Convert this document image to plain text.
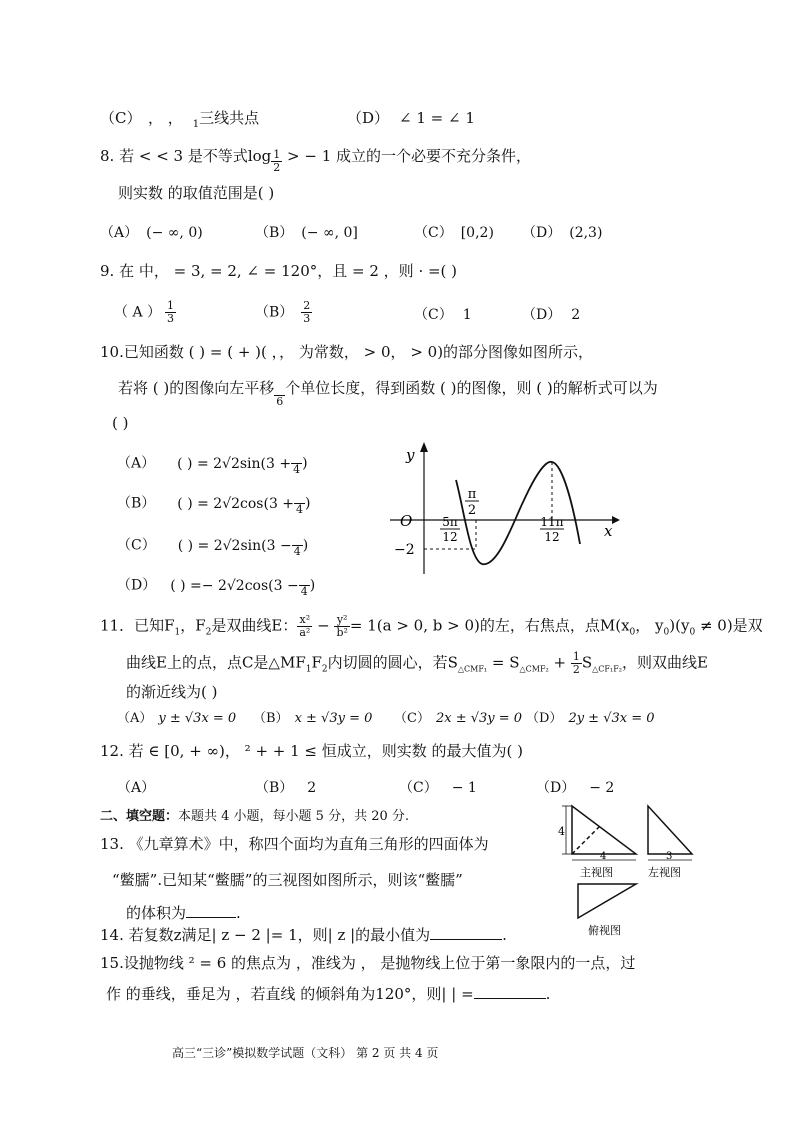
（C） ， ， $_1$三线共点	（D） ∠ 1 = ∠ 1
8. 若 < < 3 是不等式$\log \frac{1}{2}$ > − 1 成立的一个必要不充分条件，
则实数 的取值范围是( )
（A） (− ∞, 0)	（B） (− ∞, 0]	（C） [0,2) （D） (2,3)
9. 在 中， = 3, = 2, ∠ = 120°，且 = 2 ，则 · =( )
（ A ） $\frac{1}{3}$	$(B) \frac{2}{3}$	（C） 1	（D） 2
10.已知函数 ( ) = ( + )( ，， 为常数， > 0， > 0)的部分图像如图所示，
若将 ( )的图像向左平移

6
个单位长度，得到函数 ( )的图像，则 ( )的解析式可以为
( )
（A） ( ) = 2√2sin(3 +
4 )
（B） ( ) = 2√2cos(3 +
4 )
（C） ( ) = 2√2sin(3 −
4 )
（D） ( ) =− 2√2cos(3 −
4 )
y
x
O
π
2
5π
12
11π
12
−2
11．已知$F_1$，$F_2$是双曲线E： $\frac{\text{x²}}{\text{a²}} - \frac{\text{y²}}{\text{b²}} = 1(a > 0$, b > 0)的左，右焦点，点$M(x_0$， $y_0)(y_0 \ne 0)$是双
曲线E上的点，点C是$\triangle MF_1F_2$内切圆的圆心，若$S_{\triangle CMF_1} = S_{\triangle CMF_2} + \frac{1}{2} S_{\triangle CF_1F_2}$，则双曲线E
的渐近线为( )
（A） y ± √3x = 0 （B） x ± √3y = 0 （C） 2x ± √3y = 0 （D） 2y ± √3x = 0
12. 若 ∈ [0, + ∞)， ² + + 1 ≤ 恒成立，则实数 的最大值为( )
（A）	（B） 2	（C） − 1	（D） − 2
二、填空题：本题共 4 小题，每小题 5 分，共 20 分.
13. 《九章算术》中，称四个面均为直角三角形的四面体为
“鳖臑”.已知某“鳖臑”的三视图如图所示，则该“鳖臑”
的体积为	.
4
4
主视图
3
左视图
俯视图
14. 若复数z满足| z − 2 |= 1，则| z |的最小值为	.
15.设抛物线 ² = 6 的焦点为 ，准线为 ， 是抛物线上位于第一象限内的一点，过
作 的垂线，垂足为 ，若直线 的倾斜角为120°，则| | =	.
高三“三诊”模拟数学试题（文科） 第 2 页 共 4 页
